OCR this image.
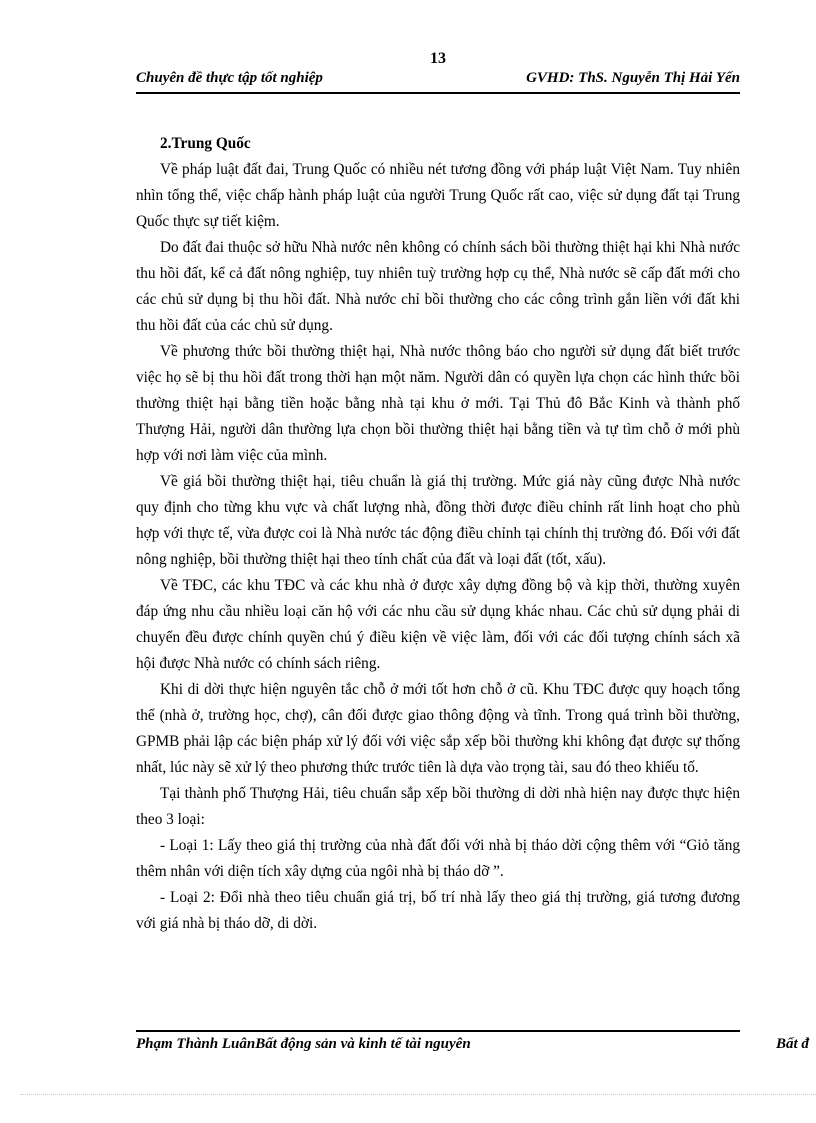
13
Chuyên đề thực tập tốt nghiệp	GVHD: ThS. Nguyễn Thị Hải Yến
2.Trung Quốc

Về pháp luật đất đai, Trung Quốc có nhiều nét tương đồng với pháp luật Việt Nam. Tuy nhiên nhìn tổng thể, việc chấp hành pháp luật của người Trung Quốc rất cao, việc sử dụng đất tại Trung Quốc thực sự tiết kiệm.

Do đất đai thuộc sở hữu Nhà nước nên không có chính sách bồi thường thiệt hại khi Nhà nước thu hồi đất, kể cả đất nông nghiệp, tuy nhiên tuỳ trường hợp cụ thể, Nhà nước sẽ cấp đất mới cho các chủ sử dụng bị thu hồi đất. Nhà nước chỉ bồi thường cho các công trình gắn liền với đất khi thu hồi đất của các chủ sử dụng.

Về phương thức bồi thường thiệt hại, Nhà nước thông báo cho người sử dụng đất biết trước việc họ sẽ bị thu hồi đất trong thời hạn một năm. Người dân có quyền lựa chọn các hình thức bồi thường thiệt hại bằng tiền hoặc bằng nhà tại khu ở mới. Tại Thủ đô Bắc Kinh và thành phố Thượng Hải, người dân thường lựa chọn bồi thường thiệt hại bằng tiền và tự tìm chỗ ở mới phù hợp với nơi làm việc của mình.

Về giá bồi thường thiệt hại, tiêu chuẩn là giá thị trường. Mức giá này cũng được Nhà nước quy định cho từng khu vực và chất lượng nhà, đồng thời được điều chỉnh rất linh hoạt cho phù hợp với thực tế, vừa được coi là Nhà nước tác động điều chỉnh tại chính thị trường đó. Đối với đất nông nghiệp, bồi thường thiệt hại theo tính chất của đất và loại đất (tốt, xấu).

Về TĐC, các khu TĐC và các khu nhà ở được xây dựng đồng bộ và kịp thời, thường xuyên đáp ứng nhu cầu nhiều loại căn hộ với các nhu cầu sử dụng khác nhau. Các chủ sử dụng phải di chuyển đều được chính quyền chú ý điều kiện về việc làm, đối với các đối tượng chính sách xã hội được Nhà nước có chính sách riêng.

Khi di dời thực hiện nguyên tắc chỗ ở mới tốt hơn chỗ ở cũ. Khu TĐC được quy hoạch tổng thể (nhà ở, trường học, chợ), cân đối được giao thông động và tĩnh. Trong quá trình bồi thường, GPMB phải lập các biện pháp xử lý đối với việc sắp xếp bồi thường khi không đạt được sự thống nhất, lúc này sẽ xử lý theo phương thức trước tiên là dựa vào trọng tài, sau đó theo khiếu tố.

Tại thành phố Thượng Hải, tiêu chuẩn sắp xếp bồi thường di dời nhà hiện nay được thực hiện theo 3 loại:

- Loại 1: Lấy theo giá thị trường của nhà đất đối với nhà bị tháo dời cộng thêm với “Giỏ tăng thêm nhân với diện tích xây dựng của ngôi nhà bị tháo dỡ ”.

- Loại 2: Đổi nhà theo tiêu chuẩn giá trị, bố trí nhà lấy theo giá thị trường, giá tương đương với giá nhà bị tháo dỡ, di dời.

Phạm Thành LuânBất động sản và kinh tế tài nguyên	Bất đ
